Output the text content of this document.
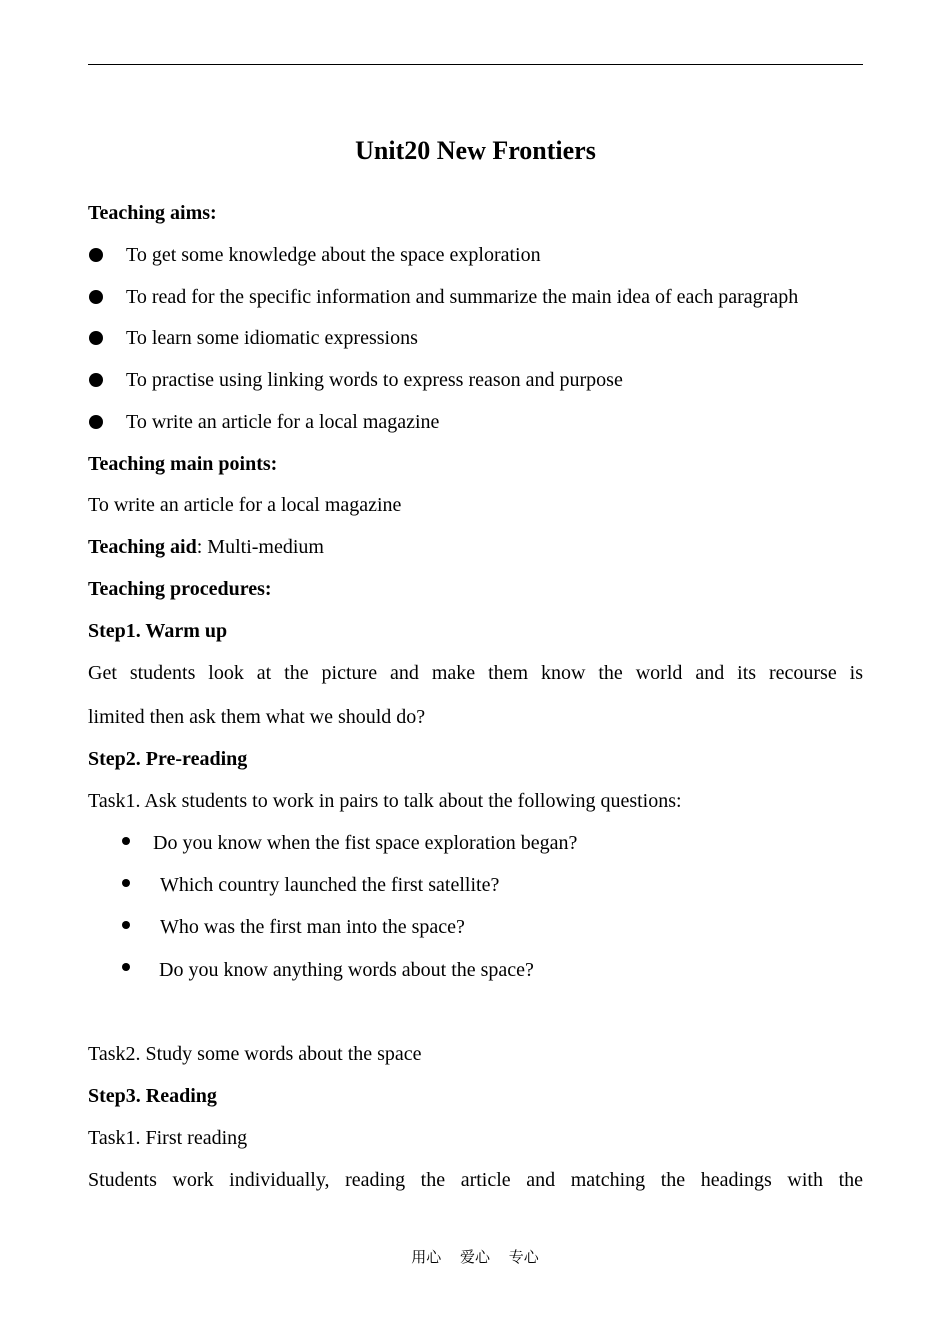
Unit20 New Frontiers

Teaching aims:

To get some knowledge about the space exploration

To read for the specific information and summarize the main idea of each paragraph

To learn some idiomatic expressions

To practise using linking words to express reason and purpose

To write an article for a local magazine

Teaching main points:

To write an article for a local magazine

Teaching aid: Multi-medium

Teaching procedures:

Step1. Warm up

Get students look at the picture and make them know the world and its recourse is

limited then ask them what we should do?

Step2. Pre-reading

Task1. Ask students to work in pairs to talk about the following questions:

Do you know when the fist space exploration began?

Which country launched the first satellite?

Who was the first man into the space?

Do you know anything words about the space?

Task2. Study some words about the space

Step3. Reading

Task1. First reading

Students work individually, reading the article and matching the headings with the

用心 爱心 专心
